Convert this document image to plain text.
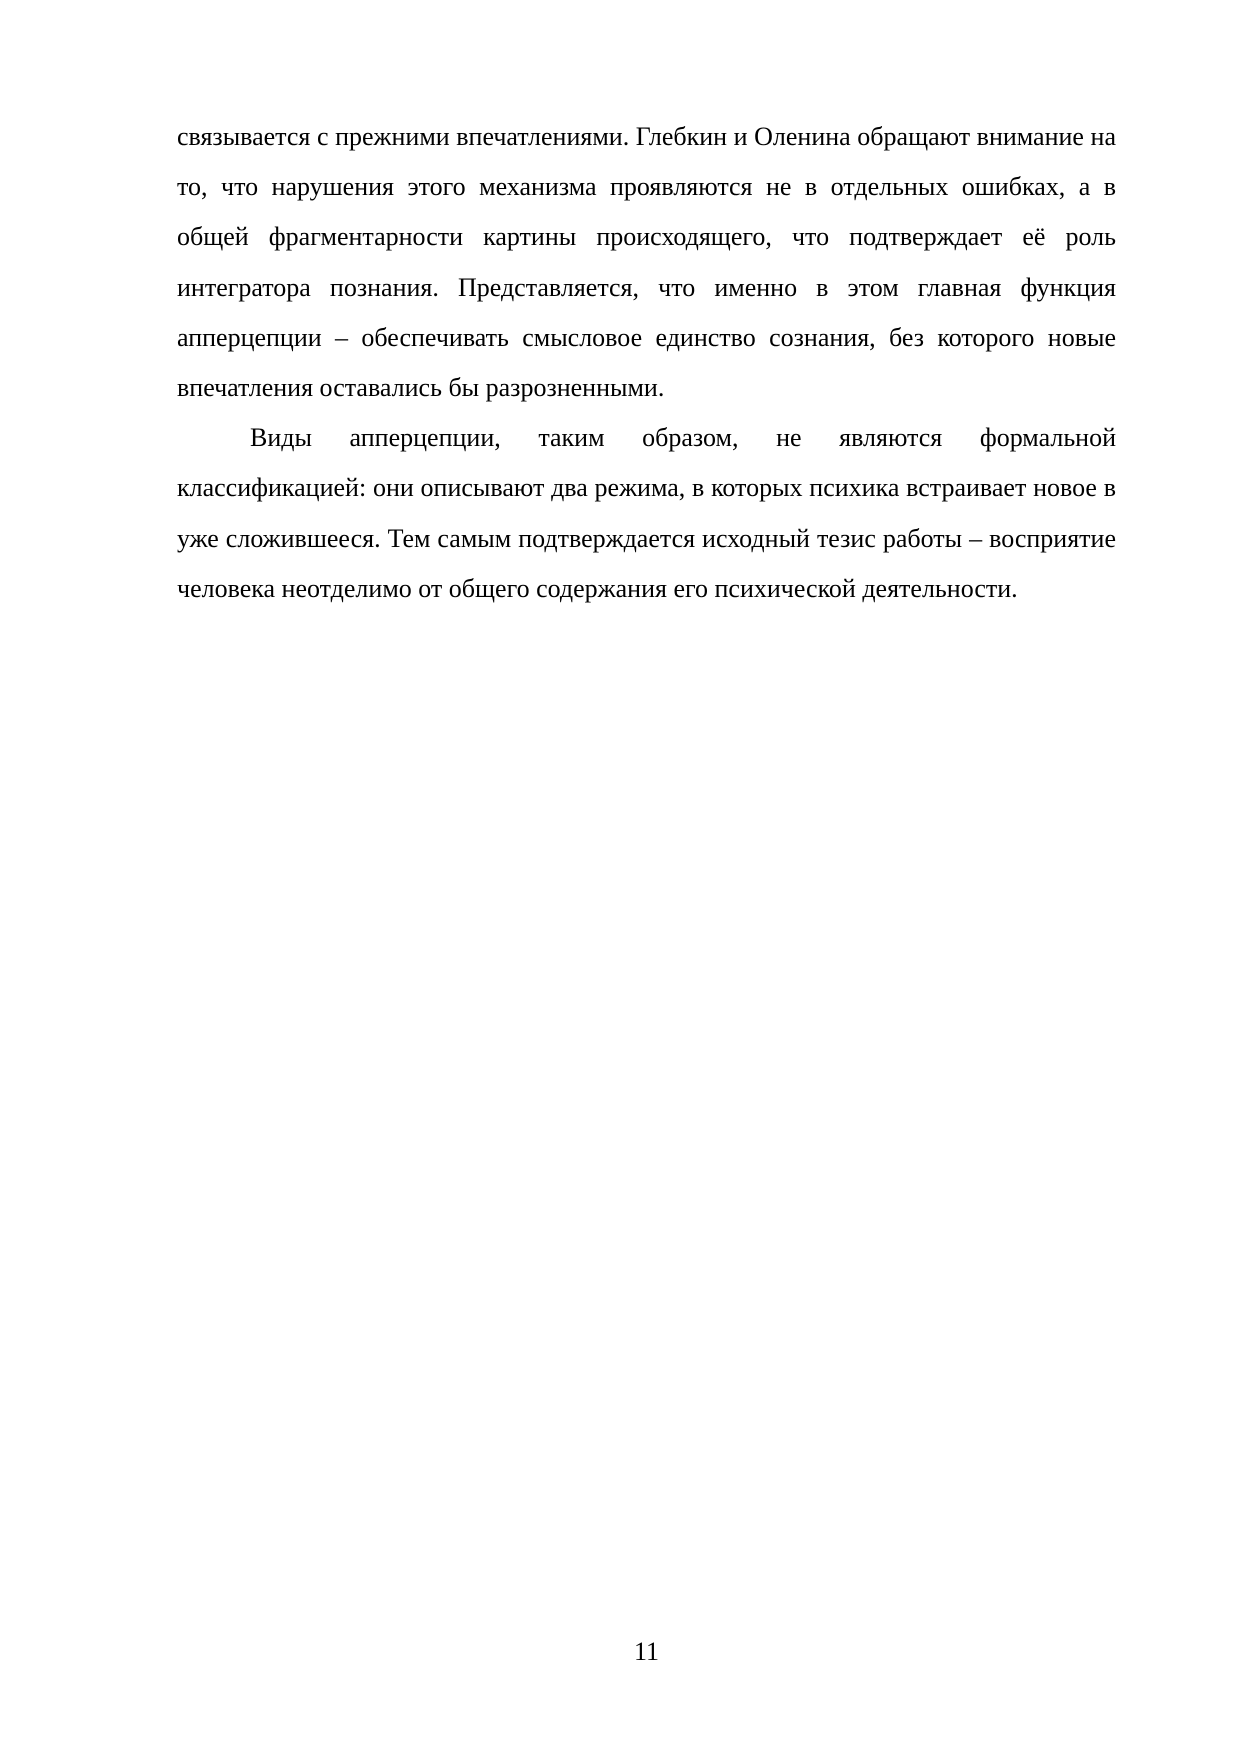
связывается с прежними впечатлениями. Глебкин и Оленина обращают внимание на то, что нарушения этого механизма проявляются не в отдельных ошибках, а в общей фрагментарности картины происходящего, что подтверждает её роль интегратора познания. Представляется, что именно в этом главная функция апперцепции – обеспечивать смысловое единство сознания, без которого новые впечатления оставались бы разрозненными.

Виды апперцепции, таким образом, не являются формальной классификацией: они описывают два режима, в которых психика встраивает новое в уже сложившееся. Тем самым подтверждается исходный тезис работы – восприятие человека неотделимо от общего содержания его психической деятельности.

11
